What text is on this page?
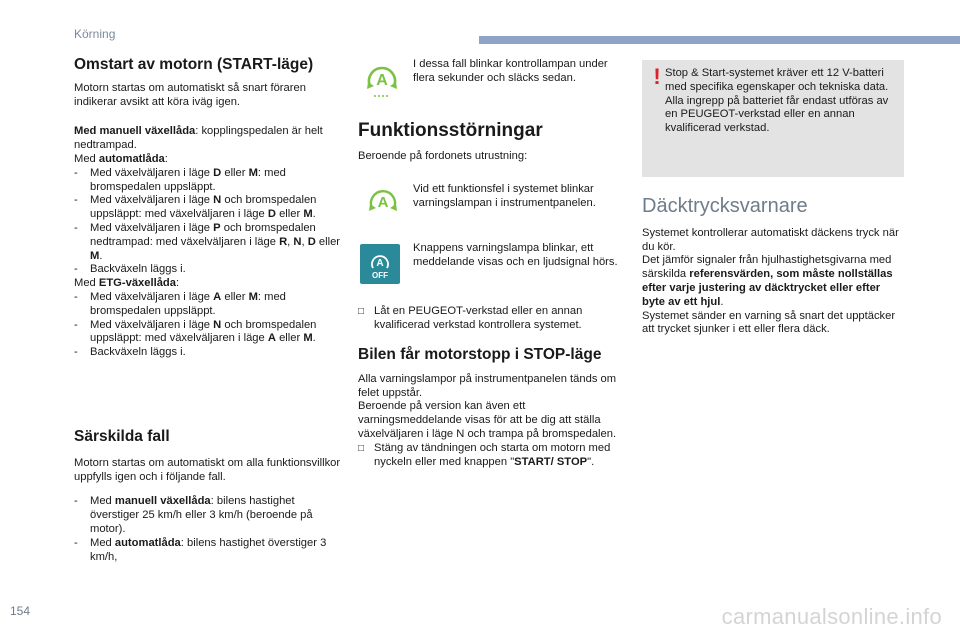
Körning
Omstart av motorn (START-läge)

Motorn startas om automatiskt så snart föraren indikerar avsikt att köra iväg igen.

Med manuell växellåda: kopplingspedalen är helt nedtrampad.

Med automatlåda:

- Med växelväljaren i läge D eller M: med bromspedalen uppsläppt.
- Med växelväljaren i läge N och bromspedalen uppsläppt: med växelväljaren i läge D eller M.
- Med växelväljaren i läge P och bromspedalen nedtrampad: med växelväljaren i läge R, N, D eller M.
- Backväxeln läggs i.

Med ETG-växellåda:

- Med växelväljaren i läge A eller M: med bromspedalen uppsläppt.
- Med växelväljaren i läge N och bromspedalen uppsläppt: med växelväljaren i läge A eller M.
- Backväxeln läggs i.
Särskilda fall

Motorn startas om automatiskt om alla funktionsvillkor uppfylls igen och i följande fall.

- Med manuell växellåda: bilens hastighet överstiger 25 km/h eller 3 km/h (beroende på motor).
- Med automatlåda: bilens hastighet överstiger 3 km/h,
A
I dessa fall blinkar kontrollampan under flera sekunder och släcks sedan.
Funktionsstörningar

Beroende på fordonets utrustning:

A
Vid ett funktionsfel i systemet blinkar varningslampan i instrumentpanelen.
A
OFF
Knappens varningslampa blinkar, ett meddelande visas och en ljudsignal hörs.
□ Låt en PEUGEOT-verkstad eller en annan kvalificerad verkstad kontrollera systemet.
Bilen får motorstopp i STOP-läge

Alla varningslampor på instrumentpanelen tänds om felet uppstår.
Beroende på version kan även ett varningsmeddelande visas för att be dig att ställa växelväljaren i läge N och trampa på bromspedalen.

□ Stäng av tändningen och starta om motorn med nyckeln eller med knappen "START/ STOP".
! Stop & Start-systemet kräver ett 12 V-batteri med specifika egenskaper och tekniska data.
Alla ingrepp på batteriet får endast utföras av en PEUGEOT-verkstad eller en annan kvalificerad verkstad.
Däcktrycksvarnare

Systemet kontrollerar automatiskt däckens tryck när du kör.
Det jämför signaler från hjulhastighetsgivarna med särskilda referensvärden, som måste nollställas efter varje justering av däcktrycket eller efter byte av ett hjul.
Systemet sänder en varning så snart det upptäcker att trycket sjunker i ett eller flera däck.

154	carmanualsonline.info
